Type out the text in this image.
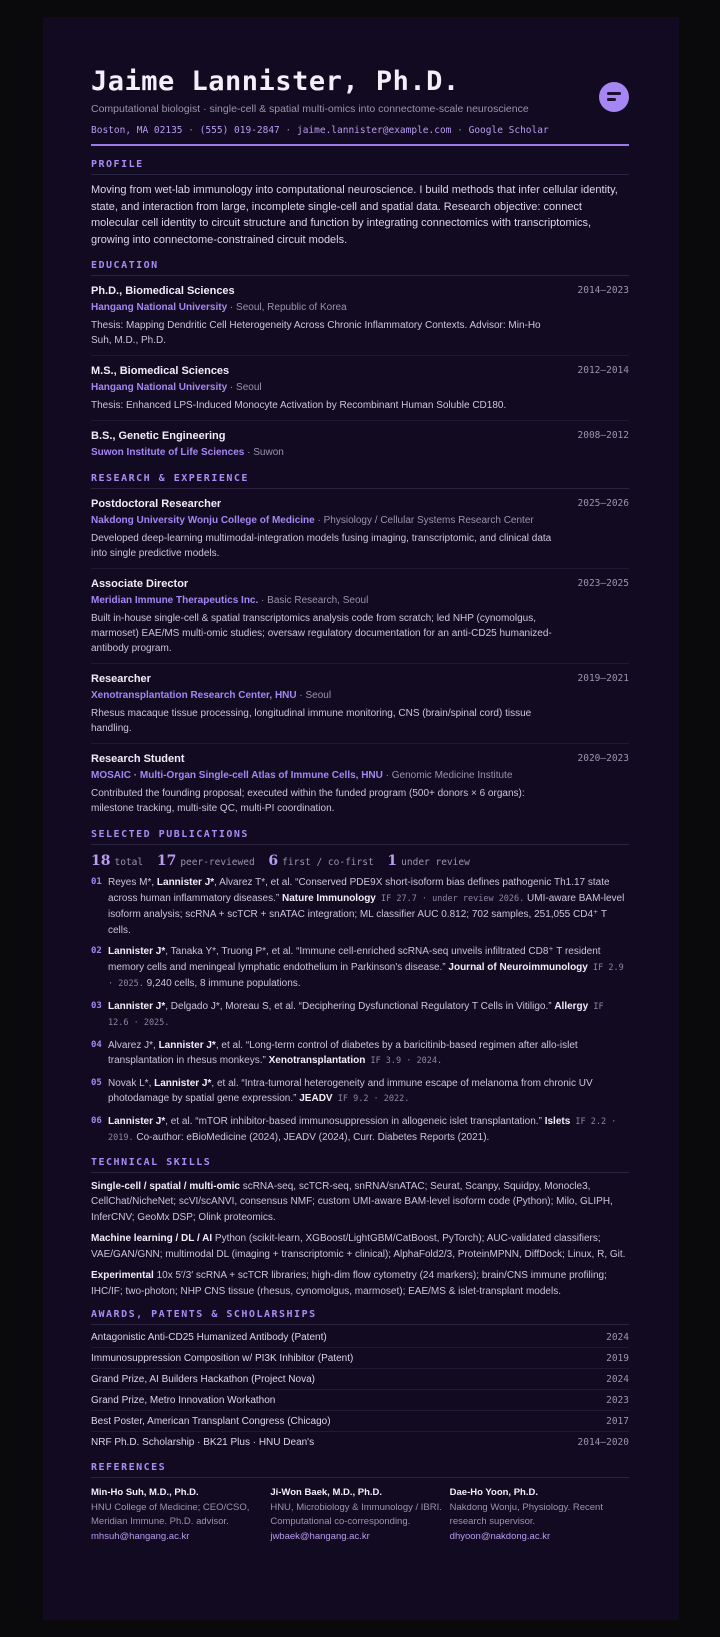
Jaime Lannister, Ph.D.
Computational biologist · single-cell & spatial multi-omics into connectome-scale neuroscience
Boston, MA 02135 · (555) 019-2847 · jaime.lannister@example.com · Google Scholar
PROFILE

Moving from wet-lab immunology into computational neuroscience. I build methods that infer cellular identity, state, and interaction from large, incomplete single-cell and spatial data. Research objective: connect molecular cell identity to circuit structure and function by integrating connectomics with transcriptomics, growing into connectome-constrained circuit models.

EDUCATION
Ph.D., Biomedical Sciences	2014–2023
Hangang National University · Seoul, Republic of Korea
Thesis: Mapping Dendritic Cell Heterogeneity Across Chronic Inflammatory Contexts. Advisor: Min-Ho Suh, M.D., Ph.D.
M.S., Biomedical Sciences	2012–2014
Hangang National University · Seoul
Thesis: Enhanced LPS-Induced Monocyte Activation by Recombinant Human Soluble CD180.
B.S., Genetic Engineering	2008–2012
Suwon Institute of Life Sciences · Suwon
RESEARCH & EXPERIENCE
Postdoctoral Researcher	2025–2026
Nakdong University Wonju College of Medicine · Physiology / Cellular Systems Research Center
Developed deep-learning multimodal-integration models fusing imaging, transcriptomic, and clinical data into single predictive models.
Associate Director	2023–2025
Meridian Immune Therapeutics Inc. · Basic Research, Seoul
Built in-house single-cell & spatial transcriptomics analysis code from scratch; led NHP (cynomolgus, marmoset) EAE/MS multi-omic studies; oversaw regulatory documentation for an anti-CD25 humanized-antibody program.
Researcher	2019–2021
Xenotransplantation Research Center, HNU · Seoul
Rhesus macaque tissue processing, longitudinal immune monitoring, CNS (brain/spinal cord) tissue handling.
Research Student	2020–2023
MOSAIC · Multi-Organ Single-cell Atlas of Immune Cells, HNU · Genomic Medicine Institute
Contributed the founding proposal; executed within the funded program (500+ donors × 6 organs): milestone tracking, multi-site QC, multi-PI coordination.
SELECTED PUBLICATIONS
18 total 17 peer-reviewed 6 first / co-first 1 under review
01 Reyes M*, Lannister J*, Alvarez T*, et al. “Conserved PDE9X short-isoform bias defines pathogenic Th1.17 state across human inflammatory diseases.” Nature Immunology IF 27.7 · under review 2026. UMI-aware BAM-level isoform analysis; scRNA + scTCR + snATAC integration; ML classifier AUC 0.812; 702 samples, 251,055 CD4⁺ T cells.
02 Lannister J*, Tanaka Y*, Truong P*, et al. “Immune cell-enriched scRNA-seq unveils infiltrated CD8⁺ T resident memory cells and meningeal lymphatic endothelium in Parkinson's disease.” Journal of Neuroimmunology IF 2.9 · 2025. 9,240 cells, 8 immune populations.
03 Lannister J*, Delgado J*, Moreau S, et al. “Deciphering Dysfunctional Regulatory T Cells in Vitiligo.” Allergy IF 12.6 · 2025.
04 Alvarez J*, Lannister J*, et al. “Long-term control of diabetes by a baricitinib-based regimen after allo-islet transplantation in rhesus monkeys.” Xenotransplantation IF 3.9 · 2024.
05 Novak L*, Lannister J*, et al. “Intra-tumoral heterogeneity and immune escape of melanoma from chronic UV photodamage by spatial gene expression.” JEADV IF 9.2 · 2022.
06 Lannister J*, et al. “mTOR inhibitor-based immunosuppression in allogeneic islet transplantation.” Islets IF 2.2 · 2019. Co-author: eBioMedicine (2024), JEADV (2024), Curr. Diabetes Reports (2021).
TECHNICAL SKILLS
Single-cell / spatial / multi-omic scRNA-seq, scTCR-seq, snRNA/snATAC; Seurat, Scanpy, Squidpy, Monocle3, CellChat/NicheNet; scVI/scANVI, consensus NMF; custom UMI-aware BAM-level isoform code (Python); Milo, GLIPH, InferCNV; GeoMx DSP; Olink proteomics.
Machine learning / DL / AI Python (scikit-learn, XGBoost/LightGBM/CatBoost, PyTorch); AUC-validated classifiers; VAE/GAN/GNN; multimodal DL (imaging + transcriptomic + clinical); AlphaFold2/3, ProteinMPNN, DiffDock; Linux, R, Git.
Experimental 10x 5′/3′ scRNA + scTCR libraries; high-dim flow cytometry (24 markers); brain/CNS immune profiling; IHC/IF; two-photon; NHP CNS tissue (rhesus, cynomolgus, marmoset); EAE/MS & islet-transplant models.
AWARDS, PATENTS & SCHOLARSHIPS
Antagonistic Anti-CD25 Humanized Antibody (Patent)	2024
Immunosuppression Composition w/ PI3K Inhibitor (Patent)	2019
Grand Prize, AI Builders Hackathon (Project Nova)	2024
Grand Prize, Metro Innovation Workathon	2023
Best Poster, American Transplant Congress (Chicago)	2017
NRF Ph.D. Scholarship · BK21 Plus · HNU Dean's	2014–2020
REFERENCES
Min-Ho Suh, M.D., Ph.D.
HNU College of Medicine; CEO/CSO, Meridian Immune. Ph.D. advisor.
mhsuh@hangang.ac.kr
Ji-Won Baek, M.D., Ph.D.
HNU, Microbiology & Immunology / IBRI. Computational co-corresponding.
jwbaek@hangang.ac.kr
Dae-Ho Yoon, Ph.D.
Nakdong Wonju, Physiology. Recent research supervisor.
dhyoon@nakdong.ac.kr
